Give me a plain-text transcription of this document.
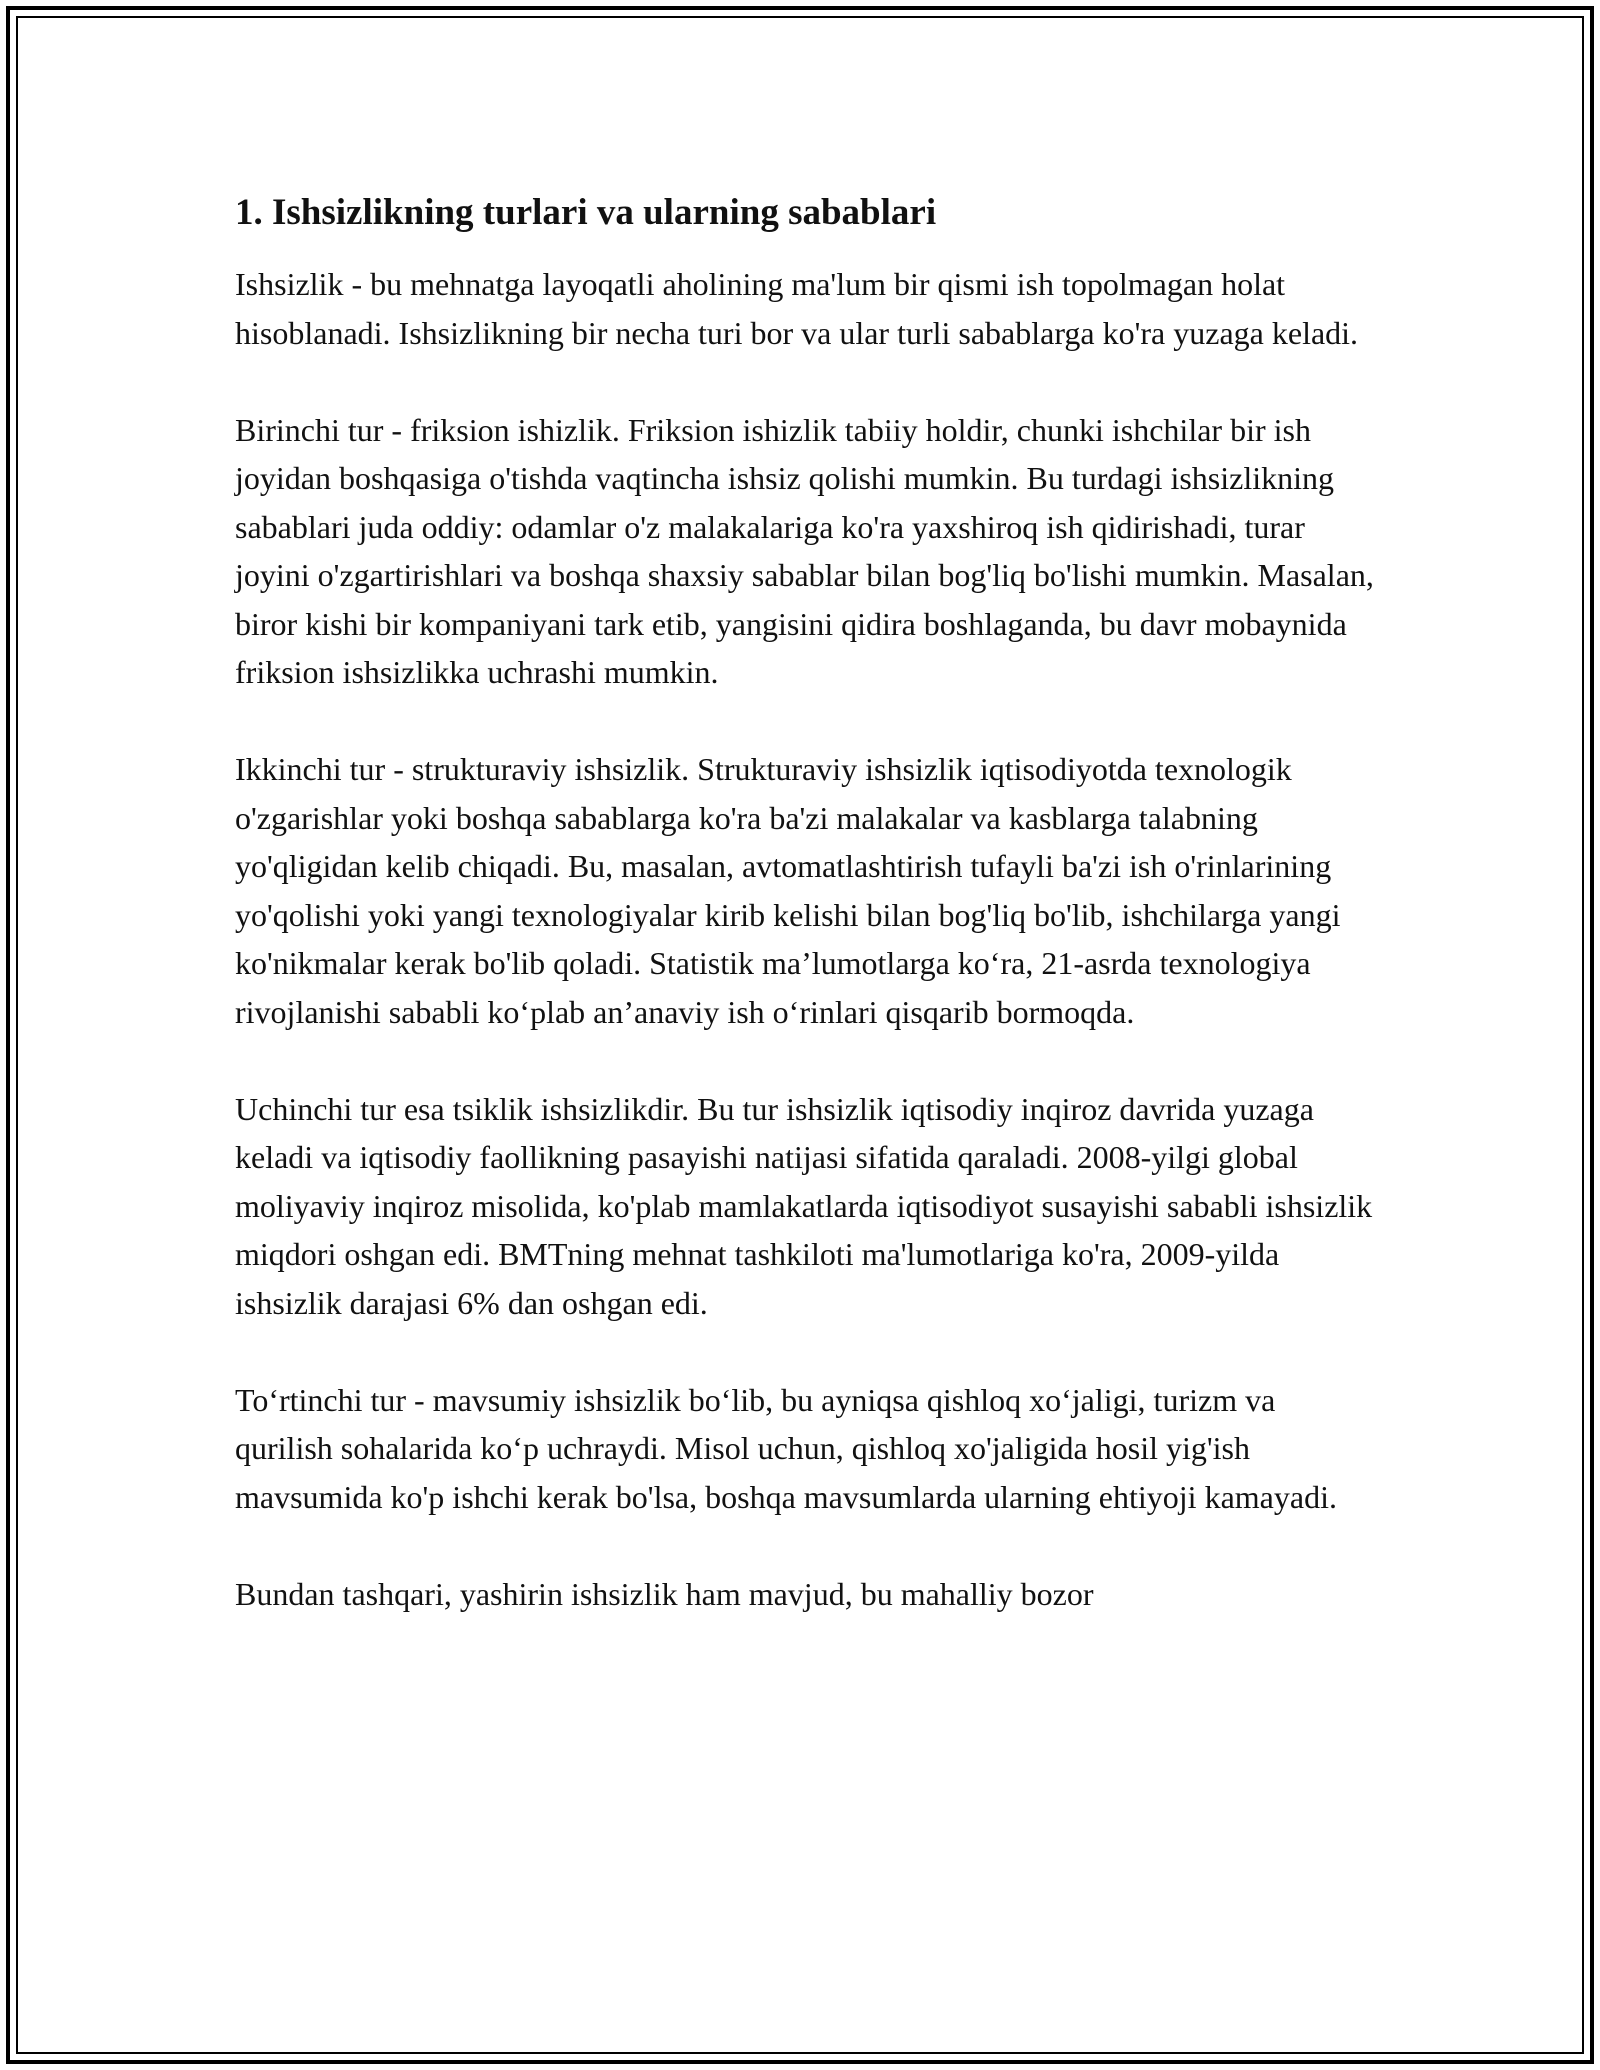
1. Ishsizlikning turlari va ularning sabablari

Ishsizlik - bu mehnatga layoqatli aholining ma'lum bir qismi ish topolmagan holat hisoblanadi. Ishsizlikning bir necha turi bor va ular turli sabablarga ko'ra yuzaga keladi.

Birinchi tur - friksion ishizlik. Friksion ishizlik tabiiy holdir, chunki ishchilar bir ish joyidan boshqasiga o'tishda vaqtincha ishsiz qolishi mumkin. Bu turdagi ishsizlikning sabablari juda oddiy: odamlar o'z malakalariga ko'ra yaxshiroq ish qidirishadi, turar joyini o'zgartirishlari va boshqa shaxsiy sabablar bilan bog'liq bo'lishi mumkin. Masalan, biror kishi bir kompaniyani tark etib, yangisini qidira boshlaganda, bu davr mobaynida friksion ishsizlikka uchrashi mumkin.

Ikkinchi tur - strukturaviy ishsizlik. Strukturaviy ishsizlik iqtisodiyotda texnologik o'zgarishlar yoki boshqa sabablarga ko'ra ba'zi malakalar va kasblarga talabning yo'qligidan kelib chiqadi. Bu, masalan, avtomatlashtirish tufayli ba'zi ish o'rinlarining yo'qolishi yoki yangi texnologiyalar kirib kelishi bilan bog'liq bo'lib, ishchilarga yangi ko'nikmalar kerak bo'lib qoladi. Statistik ma’lumotlarga ko‘ra, 21-asrda texnologiya rivojlanishi sababli ko‘plab an’anaviy ish o‘rinlari qisqarib bormoqda.

Uchinchi tur esa tsiklik ishsizlikdir. Bu tur ishsizlik iqtisodiy inqiroz davrida yuzaga keladi va iqtisodiy faollikning pasayishi natijasi sifatida qaraladi. 2008-yilgi global moliyaviy inqiroz misolida, ko'plab mamlakatlarda iqtisodiyot susayishi sababli ishsizlik miqdori oshgan edi. BMTning mehnat tashkiloti ma'lumotlariga ko'ra, 2009-yilda ishsizlik darajasi 6% dan oshgan edi.

To‘rtinchi tur - mavsumiy ishsizlik bo‘lib, bu ayniqsa qishloq xo‘jaligi, turizm va qurilish sohalarida ko‘p uchraydi. Misol uchun, qishloq xo'jaligida hosil yig'ish mavsumida ko'p ishchi kerak bo'lsa, boshqa mavsumlarda ularning ehtiyoji kamayadi.

Bundan tashqari, yashirin ishsizlik ham mavjud, bu mahalliy bozor
